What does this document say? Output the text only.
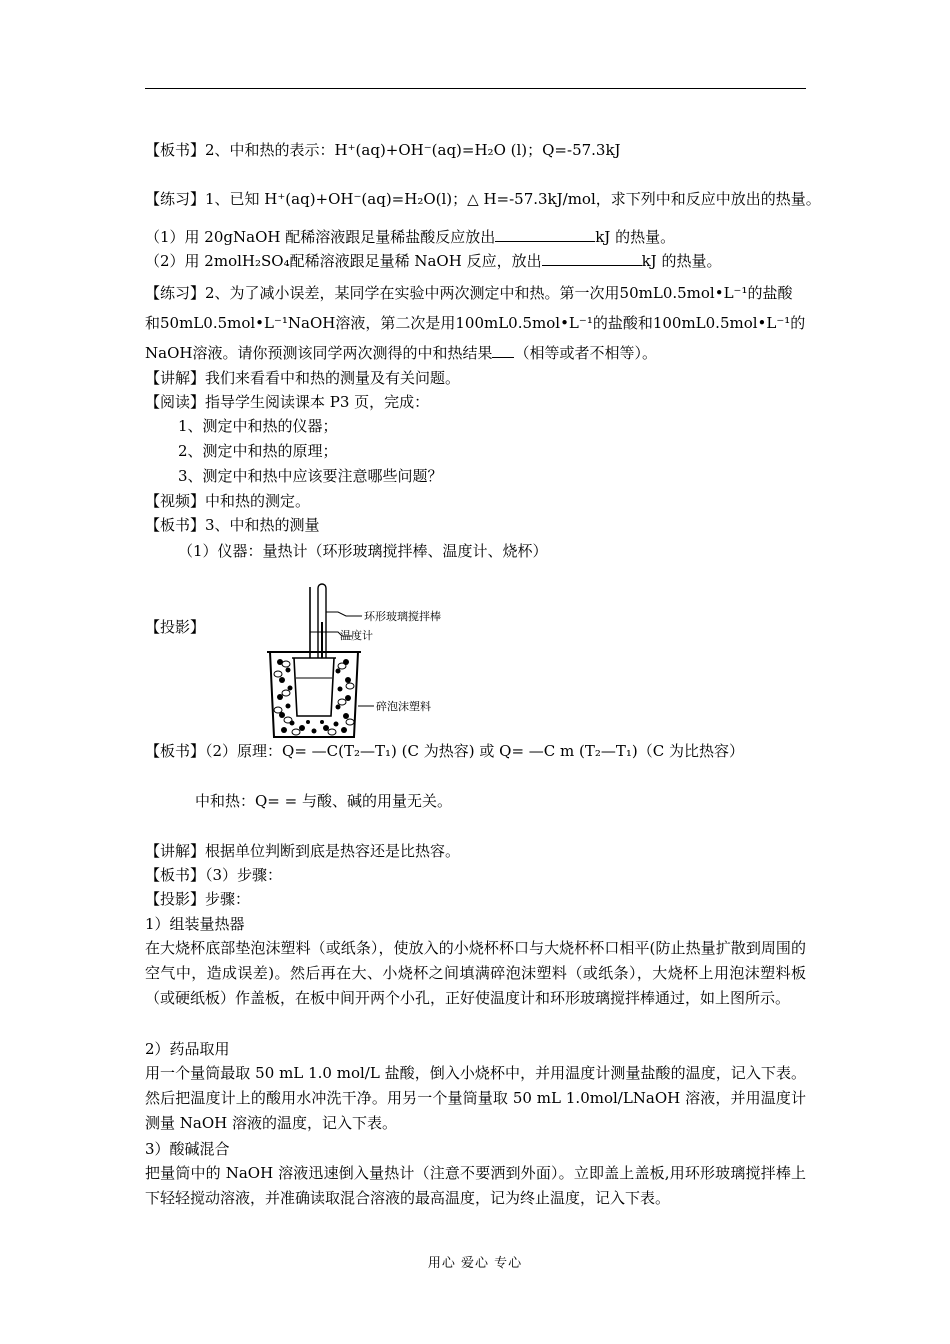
【板书】2、中和热的表示：H⁺(aq)+OH⁻(aq)=H₂O (l)；Q=-57.3kJ
【练习】1、已知 H⁺(aq)+OH⁻(aq)=H₂O(l)；△ H=-57.3kJ/mol，求下列中和反应中放出的热量。
（1）用 20gNaOH 配稀溶液跟足量稀盐酸反应放出	kJ 的热量。
（2）用 2molH₂SO₄配稀溶液跟足量稀 NaOH 反应，放出	kJ 的热量。
【练习】2、为了减小误差，某同学在实验中两次测定中和热。第一次用50mL0.5mol•L⁻¹的盐酸
和50mL0.5mol•L⁻¹NaOH溶液，第二次是用100mL0.5mol•L⁻¹的盐酸和100mL0.5mol•L⁻¹的
NaOH溶液。请你预测该同学两次测得的中和热结果 （相等或者不相等）。
【讲解】我们来看看中和热的测量及有关问题。
【阅读】指导学生阅读课本 P3 页，完成：
1、测定中和热的仪器；
2、测定中和热的原理；
3、测定中和热中应该要注意哪些问题？
【视频】中和热的测定。
【板书】3、中和热的测量
（1）仪器：量热计（环形玻璃搅拌棒、温度计、烧杯）
【投影】
环形玻璃搅拌棒
温度计
碎泡沫塑料
【板书】（2）原理：Q= —C(T₂—T₁) (C 为热容) 或 Q= —C m (T₂—T₁)（C 为比热容）
中和热：Q= = 与酸、碱的用量无关。
【讲解】根据单位判断到底是热容还是比热容。
【板书】（3）步骤：
【投影】步骤：
1）组装量热器
在大烧杯底部垫泡沫塑料（或纸条），使放入的小烧杯杯口与大烧杯杯口相平(防止热量扩散到周围的空气中，造成误差)。然后再在大、小烧杯之间填满碎泡沫塑料（或纸条），大烧杯上用泡沫塑料板（或硬纸板）作盖板，在板中间开两个小孔，正好使温度计和环形玻璃搅拌棒通过，如上图所示。
2）药品取用
用一个量筒最取 50 mL 1.0 mol/L 盐酸，倒入小烧杯中，并用温度计测量盐酸的温度，记入下表。然后把温度计上的酸用水冲洗干净。用另一个量筒量取 50 mL 1.0mol/LNaOH 溶液，并用温度计测量 NaOH 溶液的温度，记入下表。
3）酸碱混合
把量筒中的 NaOH 溶液迅速倒入量热计（注意不要洒到外面）。立即盖上盖板,用环形玻璃搅拌棒上下轻轻搅动溶液，并准确读取混合溶液的最高温度，记为终止温度，记入下表。
用心 爱心 专心
